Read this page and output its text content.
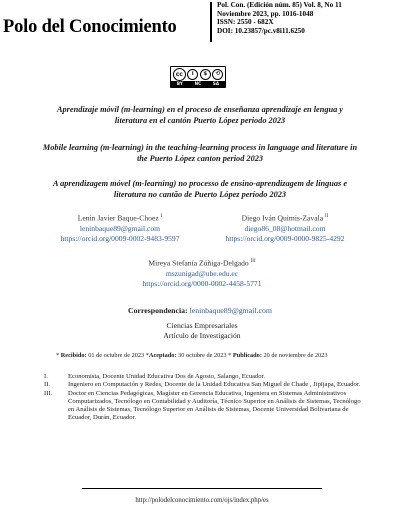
Polo del Conocimiento
Pol. Con. (Edición núm. 85) Vol. 8, No 11
Noviembre 2023, pp. 1016-1048
ISSN: 2550 - 682X
DOI: 10.23857/pc.v8i11.6250
cc	i	$	⟲
BY	NC	SA
Aprendizaje móvil (m-learning) en el proceso de enseñanza aprendizaje en lengua y literatura en el cantón Puerto López periodo 2023
Mobile learning (m-learning) in the teaching-learning process in language and literature in the Puerto López canton period 2023
A aprendizagem móvel (m-learning) no processo de ensino-aprendizagem de línguas e literatura no cantão de Puerto López período 2023
Lenin Javier Baque-Choez $^I$
leninbaque89@gmail.com
https://orcid.org/0009-0002-9483-9597
Diego Iván Quimis-Zavala $^{II}$
diego86_08@hotmail.com
https://orcid.org/0009-0000-9825-4292
Mireya Stefanía Zúñiga-Delgado $^{III}$
mszunigad@ube.edu.ec
https://orcid.org/0000-0002-4458-5771
Correspondencia: leninbaque89@gmail.com
Ciencias Empresariales
Artículo de Investigación
* Recibido: 01 de octubre de 2023 *Aceptado: 30 octubre de 2023 * Publicado: 20 de noviembre de 2023
I.	Economista, Docente Unidad Educativa Dos de Agosto, Salango, Ecuador.
II.	Ingeniero en Computación y Redes, Docente de la Unidad Educativa San Miguel de Chade , Jipijapa, Ecuador.
III.	Doctor en Ciencias Pedagógicas, Magíster en Gerencia Educativa, Ingeniera en Sistemas Administrativos Computarizados, Tecnólogo en Contabilidad y Auditoría, Técnico Superior en Análisis de Sistemas, Tecnólogo en Análisis de Sistemas, Tecnólogo Superior en Análisis de Sistemas, Docente Universidad Bolivariana de Ecuador, Durán, Ecuador.
http://polodelconocimiento.com/ojs/index.php/es
